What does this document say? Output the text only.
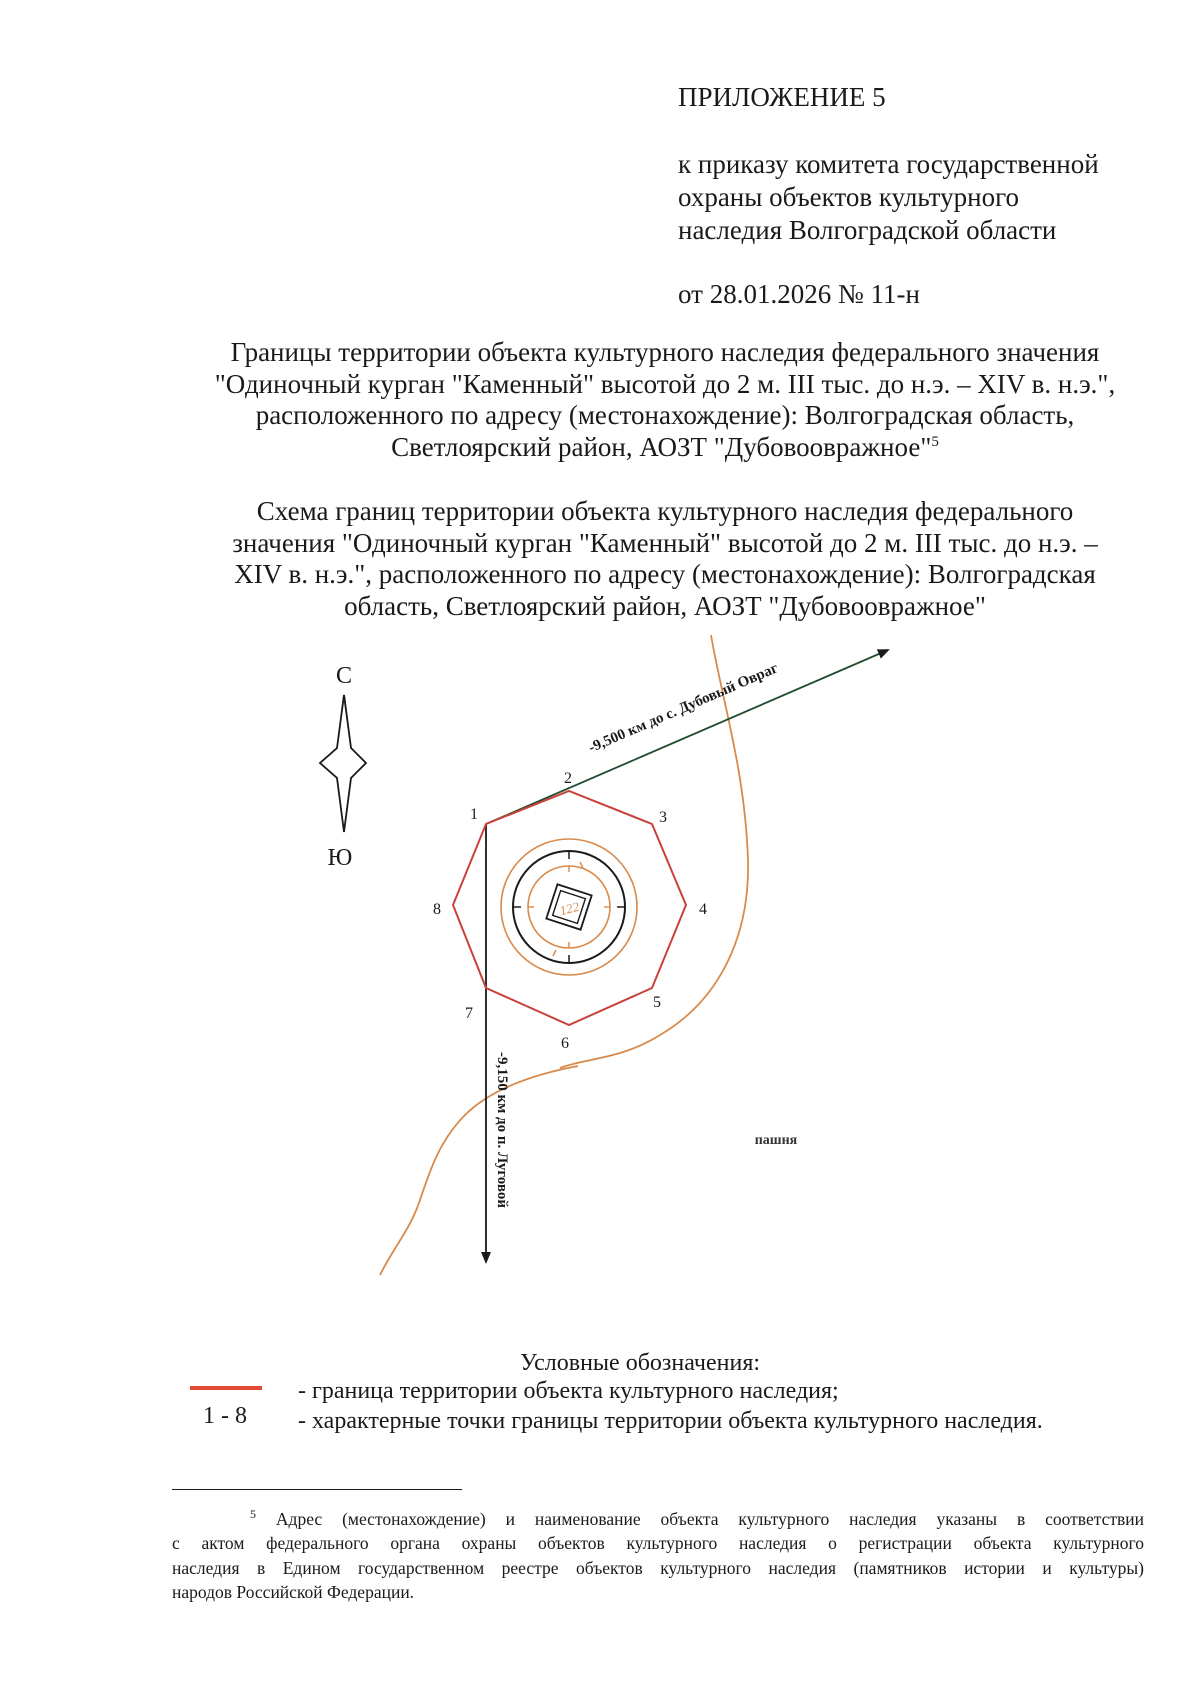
ПРИЛОЖЕНИЕ 5
к приказу комитета государственной
охраны объектов культурного
наследия Волгоградской области
от 28.01.2026 № 11-н
Границы территории объекта культурного наследия федерального значения
"Одиночный курган "Каменный" высотой до 2 м. III тыс. до н.э. – XIV в. н.э.",
расположенного по адресу (местонахождение): Волгоградская область,
Светлоярский район, АОЗТ "Дубовоовражное"$^5$
Схема границ территории объекта культурного наследия федерального
значения "Одиночный курган "Каменный" высотой до 2 м. III тыс. до н.э. –
XIV в. н.э.", расположенного по адресу (местонахождение): Волгоградская
область, Светлоярский район, АОЗТ "Дубовоовражное"
С
Ю
-9,500 км до с. Дубовый Овраг
-9,150 км до п. Луговой
122
1
2
3
4
5
6
7
8
пашня
Условные обозначения:
- граница территории объекта культурного наследия;
1 - 8 - характерные точки границы территории объекта культурного наследия.
$^5$ Адрес (местонахождение) и наименование объекта культурного наследия указаны в соответствии
с актом федерального органа охраны объектов культурного наследия о регистрации объекта культурного
наследия в Едином государственном реестре объектов культурного наследия (памятников истории и культуры)
народов Российской Федерации.
